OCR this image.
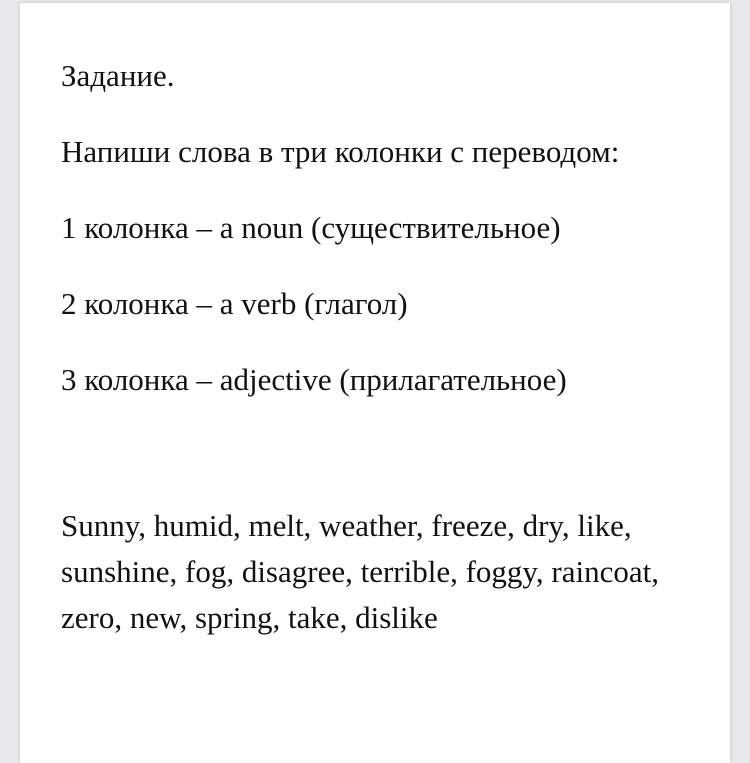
Задание.

Напиши слова в три колонки с переводом:

1 колонка – a noun (существительное)

2 колонка – a verb (глагол)

3 колонка – adjective (прилагательное)

Sunny, humid, melt, weather, freeze, dry, like, sunshine, fog, disagree, terrible, foggy, raincoat, zero, new, spring, take, dislike
